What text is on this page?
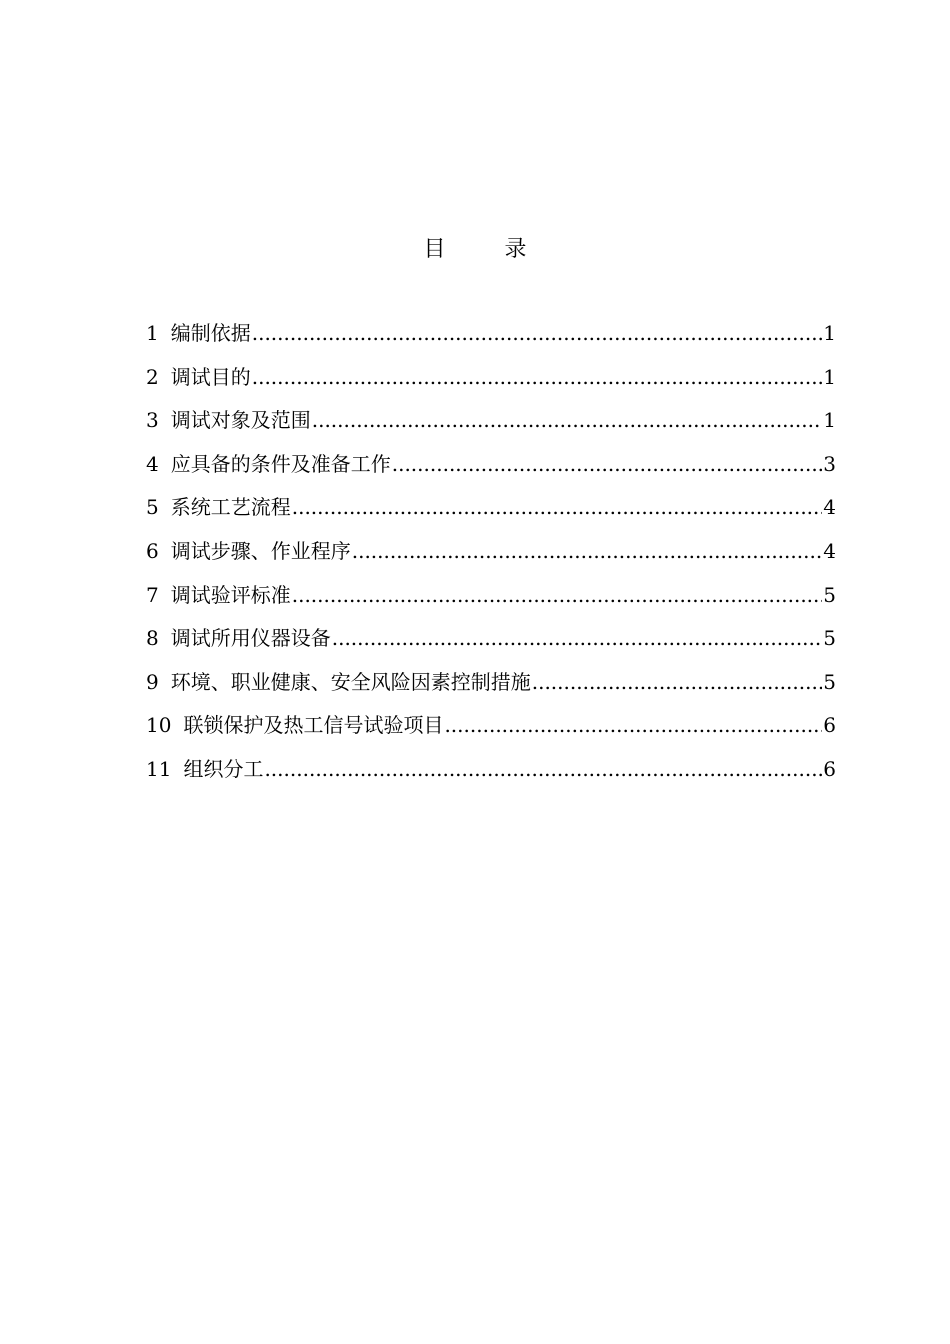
目 录
1 编制依据 .....	1
2 调试目的 .....	1
3 调试对象及范围 .....	1
4 应具备的条件及准备工作 .....	3
5 系统工艺流程 .....	4
6 调试步骤、作业程序 .....	4
7 调试验评标准 .....	5
8 调试所用仪器设备 .....	5
9 环境、职业健康、安全风险因素控制措施 .....	5
10 联锁保护及热工信号试验项目 .....	6
11 组织分工 .....	6
